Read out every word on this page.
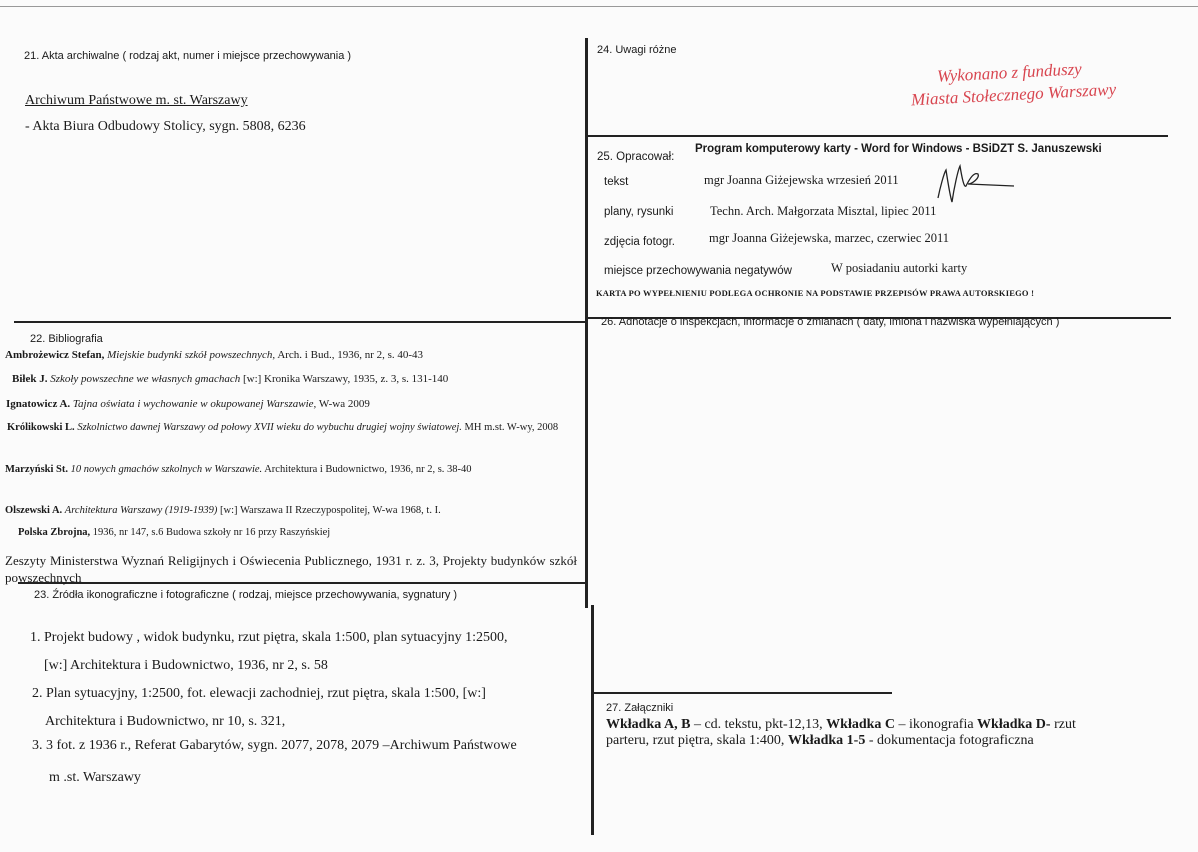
21. Akta archiwalne ( rodzaj akt, numer i miejsce przechowywania )
Archiwum Państwowe m. st. Warszawy
- Akta Biura Odbudowy Stolicy, sygn. 5808, 6236
22. Bibliografia
Ambrożewicz Stefan, Miejskie budynki szkół powszechnych, Arch. i Bud., 1936, nr 2, s. 40-43
Biłek J. Szkoły powszechne we własnych gmachach [w:] Kronika Warszawy, 1935, z. 3, s. 131-140
Ignatowicz A. Tajna oświata i wychowanie w okupowanej Warszawie, W-wa 2009
Królikowski L. Szkolnictwo dawnej Warszawy od połowy XVII wieku do wybuchu drugiej wojny światowej. MH m.st. W-wy, 2008
Marzyński St. 10 nowych gmachów szkolnych w Warszawie. Architektura i Budownictwo, 1936, nr 2, s. 38-40
Olszewski A. Architektura Warszawy (1919-1939) [w:] Warszawa II Rzeczypospolitej, W-wa 1968, t. I.
Polska Zbrojna, 1936, nr 147, s.6 Budowa szkoły nr 16 przy Raszyńskiej
Zeszyty Ministerstwa Wyznań Religijnych i Oświecenia Publicznego, 1931 r. z. 3, Projekty budynków szkół powszechnych
23. Źródła ikonograficzne i fotograficzne ( rodzaj, miejsce przechowywania, sygnatury )
1. Projekt budowy , widok budynku, rzut piętra, skala 1:500, plan sytuacyjny 1:2500,
[w:] Architektura i Budownictwo, 1936, nr 2, s. 58
2. Plan sytuacyjny, 1:2500, fot. elewacji zachodniej, rzut piętra, skala 1:500, [w:]
Architektura i Budownictwo, nr 10, s. 321,
3. 3 fot. z 1936 r., Referat Gabarytów, sygn. 2077, 2078, 2079 –Archiwum Państwowe
m .st. Warszawy
24. Uwagi różne
Wykonano z funduszy
Miasta Stołecznego Warszawy
25. Opracował:
Program komputerowy karty - Word for Windows - BSiDZT S. Januszewski
tekst	mgr Joanna Giżejewska wrzesień 2011
plany, rysunki	Techn. Arch. Małgorzata Misztal, lipiec 2011
zdjęcia fotogr.	mgr Joanna Giżejewska, marzec, czerwiec 2011
miejsce przechowywania negatywów	W posiadaniu autorki karty
KARTA PO WYPEŁNIENIU PODLEGA OCHRONIE NA PODSTAWIE PRZEPISÓW PRAWA AUTORSKIEGO !
26. Adnotacje o inspekcjach, informacje o zmianach ( daty, imiona i nazwiska wypełniających )
27. Załączniki
Wkładka A, B – cd. tekstu, pkt-12,13, Wkładka C – ikonografia Wkładka D- rzut
parteru, rzut piętra, skala 1:400, Wkładka 1-5 - dokumentacja fotograficzna
